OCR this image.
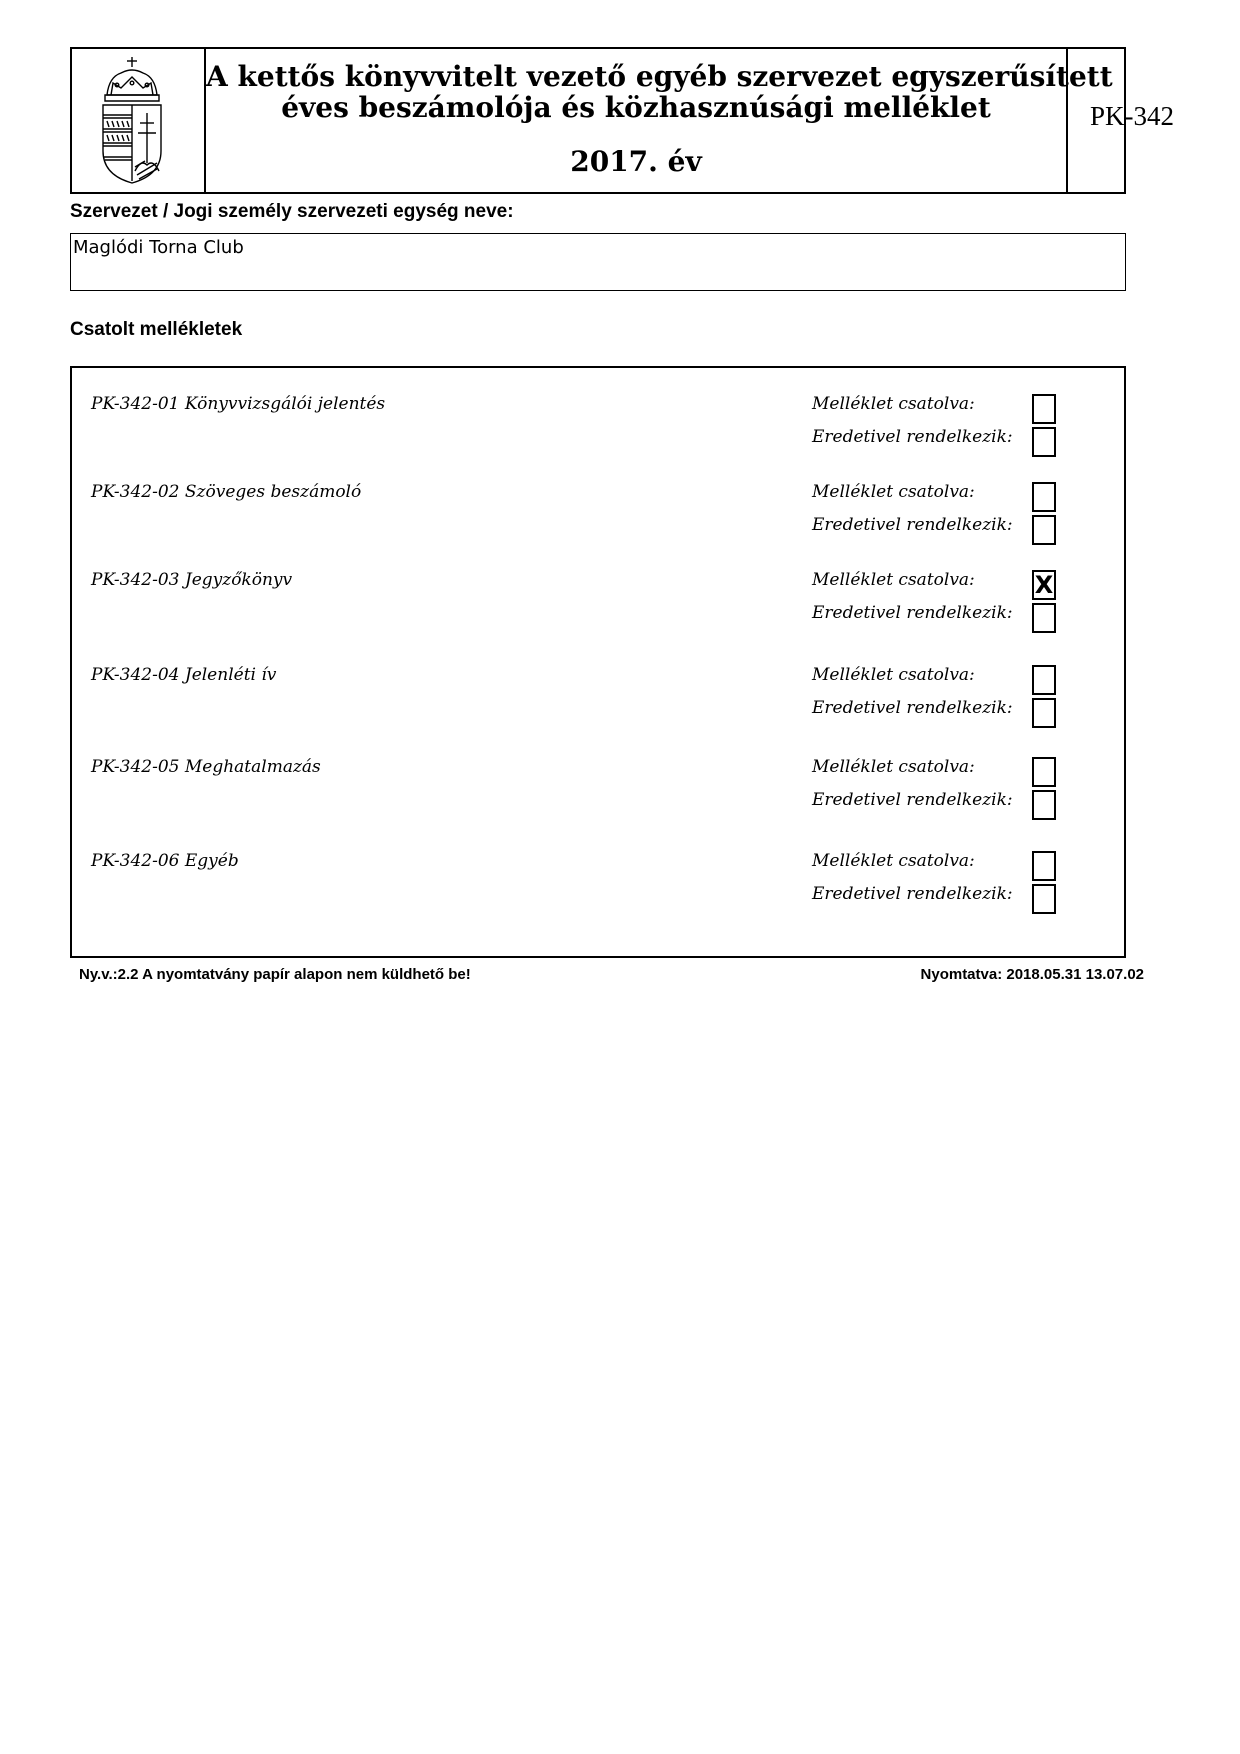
A kettős könyvvitelt vezető egyéb szervezet egyszerűsített
éves beszámolója és közhasznúsági melléklet
2017. év
PK-342
Szervezet / Jogi személy szervezeti egység neve:
Maglódi Torna Club
Csatolt mellékletek
PK-342-01 Könyvvizsgálói jelentés	Melléklet csatolva:
Eredetivel rendelkezik:
PK-342-02 Szöveges beszámoló	Melléklet csatolva:
Eredetivel rendelkezik:
PK-342-03 Jegyzőkönyv	Melléklet csatolva: X
Eredetivel rendelkezik:
PK-342-04 Jelenléti ív	Melléklet csatolva:
Eredetivel rendelkezik:
PK-342-05 Meghatalmazás	Melléklet csatolva:
Eredetivel rendelkezik:
PK-342-06 Egyéb	Melléklet csatolva:
Eredetivel rendelkezik:
Ny.v.:2.2 A nyomtatvány papír alapon nem küldhető be!	Nyomtatva: 2018.05.31 13.07.02
